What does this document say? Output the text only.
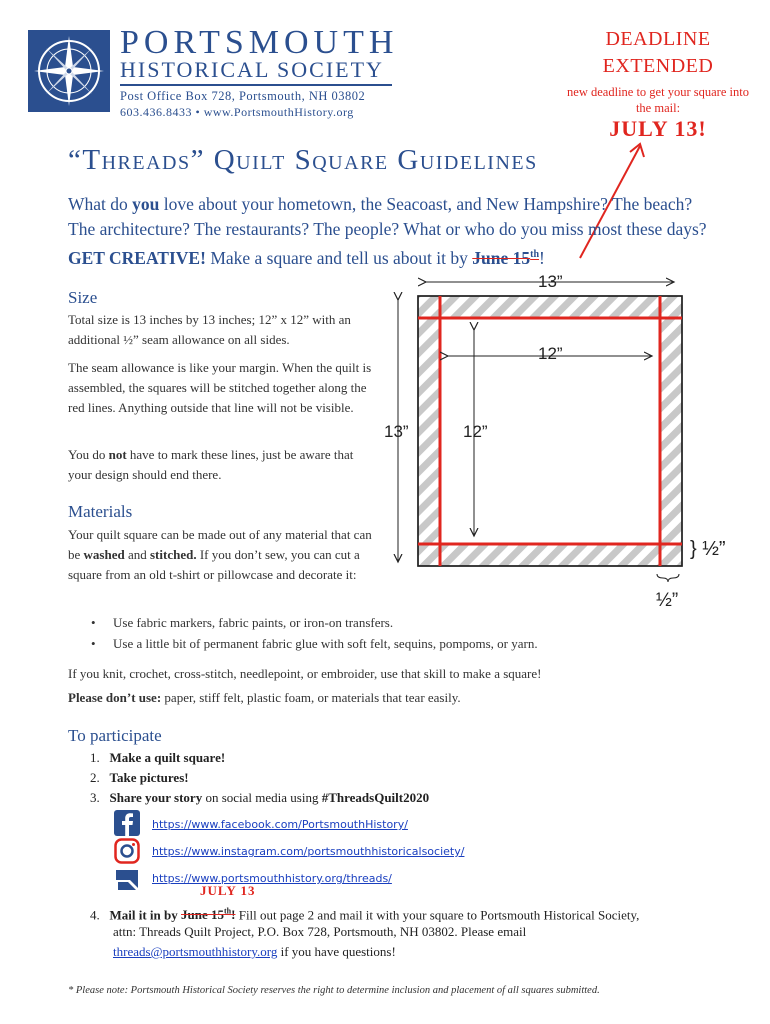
PORTSMOUTH
HISTORICAL SOCIETY
Post Office Box 728, Portsmouth, NH 03802
603.436.8433 • www.PortsmouthHistory.org
DEADLINE
EXTENDED
new deadline to get your square into the mail:
JULY 13!
“Threads” Quilt Square Guidelines
What do you love about your hometown, the Seacoast, and New Hampshire? The beach? The architecture? The restaurants? The people? What or who do you miss most these days? GET CREATIVE! Make a square and tell us about it by June 15th!
Size
Total size is 13 inches by 13 inches; 12” x 12” with an additional ½” seam allowance on all sides.
The seam allowance is like your margin. When the quilt is assembled, the squares will be stitched together along the red lines. Anything outside that line will not be visible.
You do not have to mark these lines, just be aware that your design should end there.
13”
13”
12”
12”
} ½”
½”
Materials
Your quilt square can be made out of any material that can be washed and stitched. If you don’t sew, you can cut a square from an old t-shirt or pillowcase and decorate it:
• Use fabric markers, fabric paints, or iron-on transfers.
• Use a little bit of permanent fabric glue with soft felt, sequins, pompoms, or yarn.
If you knit, crochet, cross-stitch, needlepoint, or embroider, use that skill to make a square!
Please don’t use: paper, stiff felt, plastic foam, or materials that tear easily.
To participate
1.   Make a quilt square!
2.   Take pictures!
3.   Share your story on social media using #ThreadsQuilt2020
https://www.facebook.com/PortsmouthHistory/
https://www.instagram.com/portsmouthhistoricalsociety/
https://www.portsmouthhistory.org/threads/
JULY 13
4.   Mail it in by June 15th! Fill out page 2 and mail it with your square to Portsmouth Historical Society,
attn: Threads Quilt Project, P.O. Box 728, Portsmouth, NH 03802. Please email
threads@portsmouthhistory.org if you have questions!
* Please note: Portsmouth Historical Society reserves the right to determine inclusion and placement of all squares submitted.
